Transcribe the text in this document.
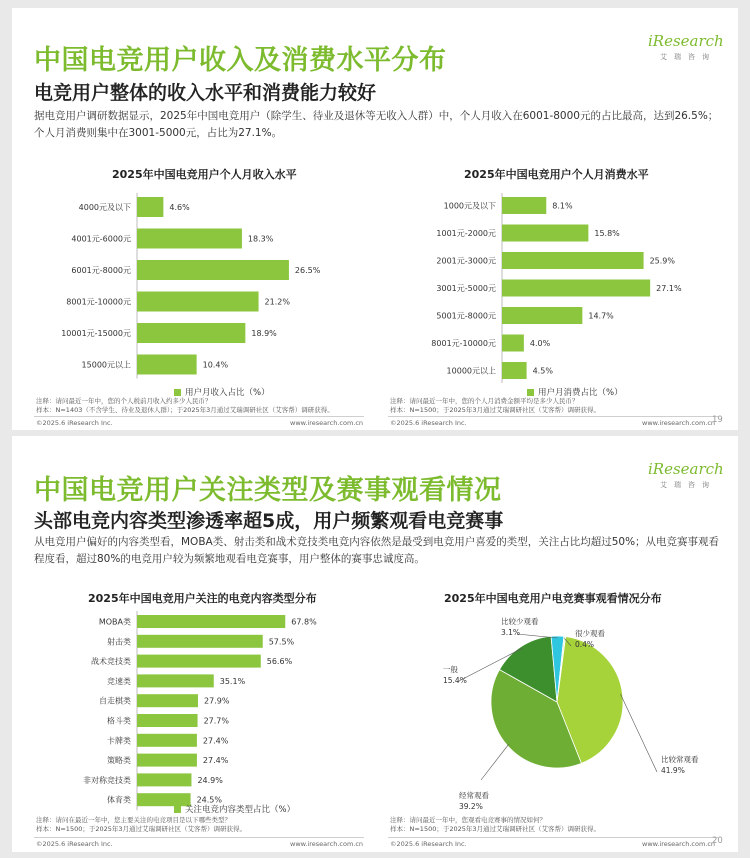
中国电竞用户收入及消费水平分布
iResearch
艾瑞咨询
电竞用户整体的收入水平和消费能力较好
据电竞用户调研数据显示，2025年中国电竞用户（除学生、待业及退休等无收入人群）中，个人月收入在6001-8000元的占比最高，达到26.5%；个人月消费则集中在3001-5000元，占比为27.1%。
2025年中国电竞用户个人月收入水平
4000元及以下	4.6%
4001元-6000元	18.3%
6001元-8000元	26.5%
8001元-10000元	21.2%
10001元-15000元	18.9%
15000元以上	10.4%
用户月收入占比（%）
2025年中国电竞用户个人月消费水平
1000元及以下	8.1%
1001元-2000元	15.8%
2001元-3000元	25.9%
3001元-5000元	27.1%
5001元-8000元	14.7%
8001元-10000元	4.0%
10000元以上	4.5%
用户月消费占比（%）
注释：请问最近一年中，您的个人税前月收入约多少人民币？
样本：N=1403（不含学生、待业及退休人群）；于2025年3月通过艾瑞调研社区（艾客帮）调研获得。
注释：请问最近一年中，您的个人月消费金额平均是多少人民币？
样本：N=1500；于2025年3月通过艾瑞调研社区（艾客帮）调研获得。
©2025.6 iResearch Inc.	www.iresearch.com.cn	©2025.6 iResearch Inc.	www.iresearch.com.cn
19
中国电竞用户关注类型及赛事观看情况
iResearch
艾瑞咨询
头部电竞内容类型渗透率超5成，用户频繁观看电竞赛事
从电竞用户偏好的内容类型看，MOBA类、射击类和战术竞技类电竞内容依然是最受到电竞用户喜爱的类型，关注占比均超过50%；从电竞赛事观看程度看，超过80%的电竞用户较为频繁地观看电竞赛事，用户整体的赛事忠诚度高。
2025年中国电竞用户关注的电竞内容类型分布
MOBA类	67.8%
射击类	57.5%
战术竞技类	56.6%
竞速类	35.1%
自走棋类	27.9%
格斗类	27.7%
卡牌类	27.4%
策略类	27.4%
非对称竞技类	24.9%
体育类	24.5%
关注电竞内容类型占比（%）
2025年中国电竞用户电竞赛事观看情况分布
比较常观看
41.9%
经常观看
39.2%
一般
15.4%
比较少观看
3.1%	很少观看
0.4%
注释：请问在最近一年中，您主要关注的电竞项目是以下哪些类型？
样本：N=1500；于2025年3月通过艾瑞调研社区（艾客帮）调研获得。
注释：请问最近一年中，您观看电竞赛事的情况如何？
样本：N=1500；于2025年3月通过艾瑞调研社区（艾客帮）调研获得。
©2025.6 iResearch Inc.	www.iresearch.com.cn	©2025.6 iResearch Inc.	www.iresearch.com.cn
20
